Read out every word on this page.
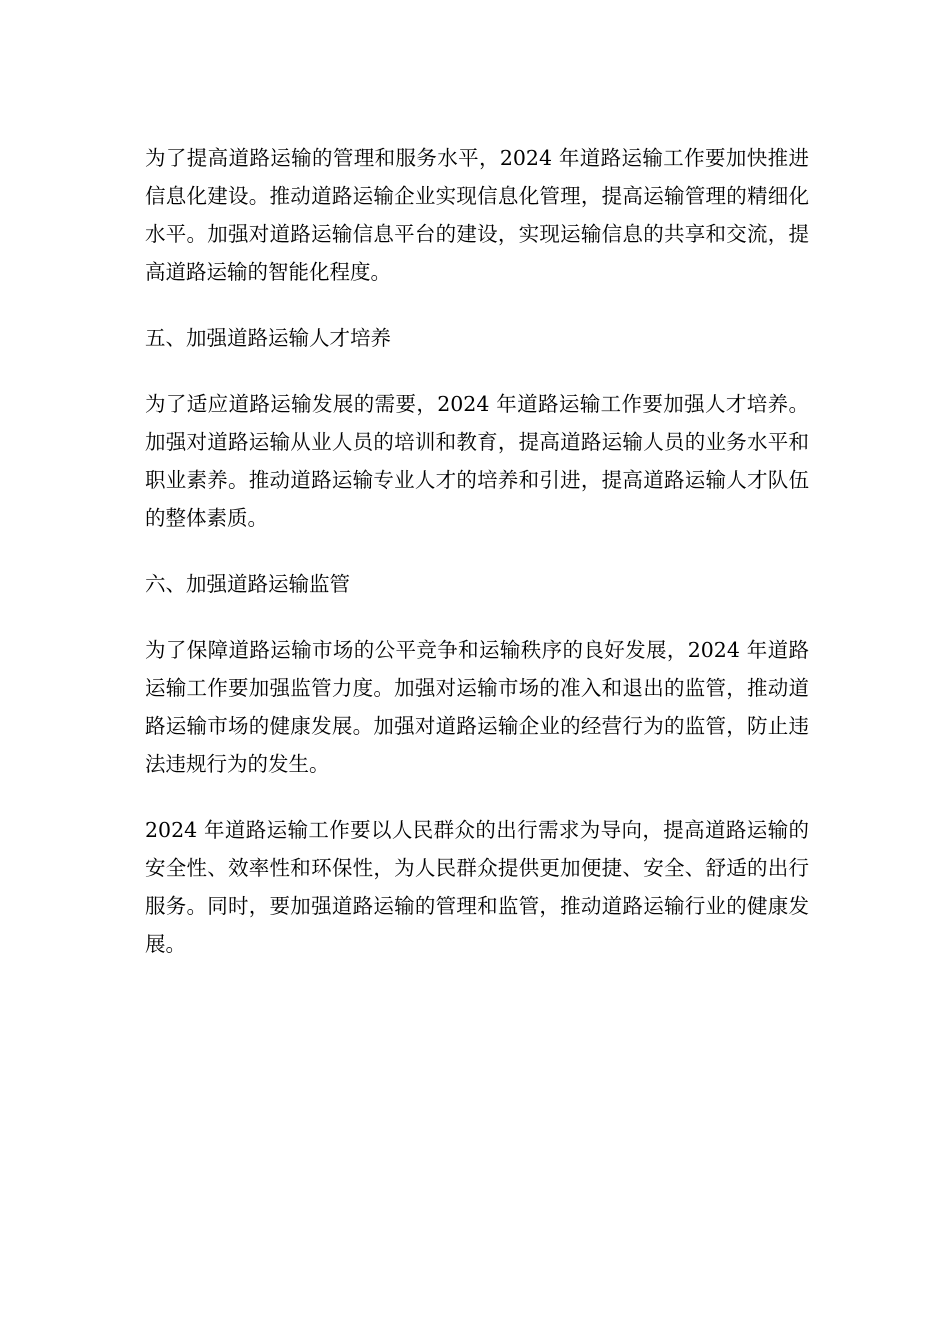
为了提高道路运输的管理和服务水平，2024 年道路运输工作要加快推进信息化建设。推动道路运输企业实现信息化管理，提高运输管理的精细化水平。加强对道路运输信息平台的建设，实现运输信息的共享和交流，提高道路运输的智能化程度。

五、加强道路运输人才培养

为了适应道路运输发展的需要，2024 年道路运输工作要加强人才培养。加强对道路运输从业人员的培训和教育，提高道路运输人员的业务水平和职业素养。推动道路运输专业人才的培养和引进，提高道路运输人才队伍的整体素质。

六、加强道路运输监管

为了保障道路运输市场的公平竞争和运输秩序的良好发展，2024 年道路运输工作要加强监管力度。加强对运输市场的准入和退出的监管，推动道路运输市场的健康发展。加强对道路运输企业的经营行为的监管，防止违法违规行为的发生。

2024 年道路运输工作要以人民群众的出行需求为导向，提高道路运输的安全性、效率性和环保性，为人民群众提供更加便捷、安全、舒适的出行服务。同时，要加强道路运输的管理和监管，推动道路运输行业的健康发展。
